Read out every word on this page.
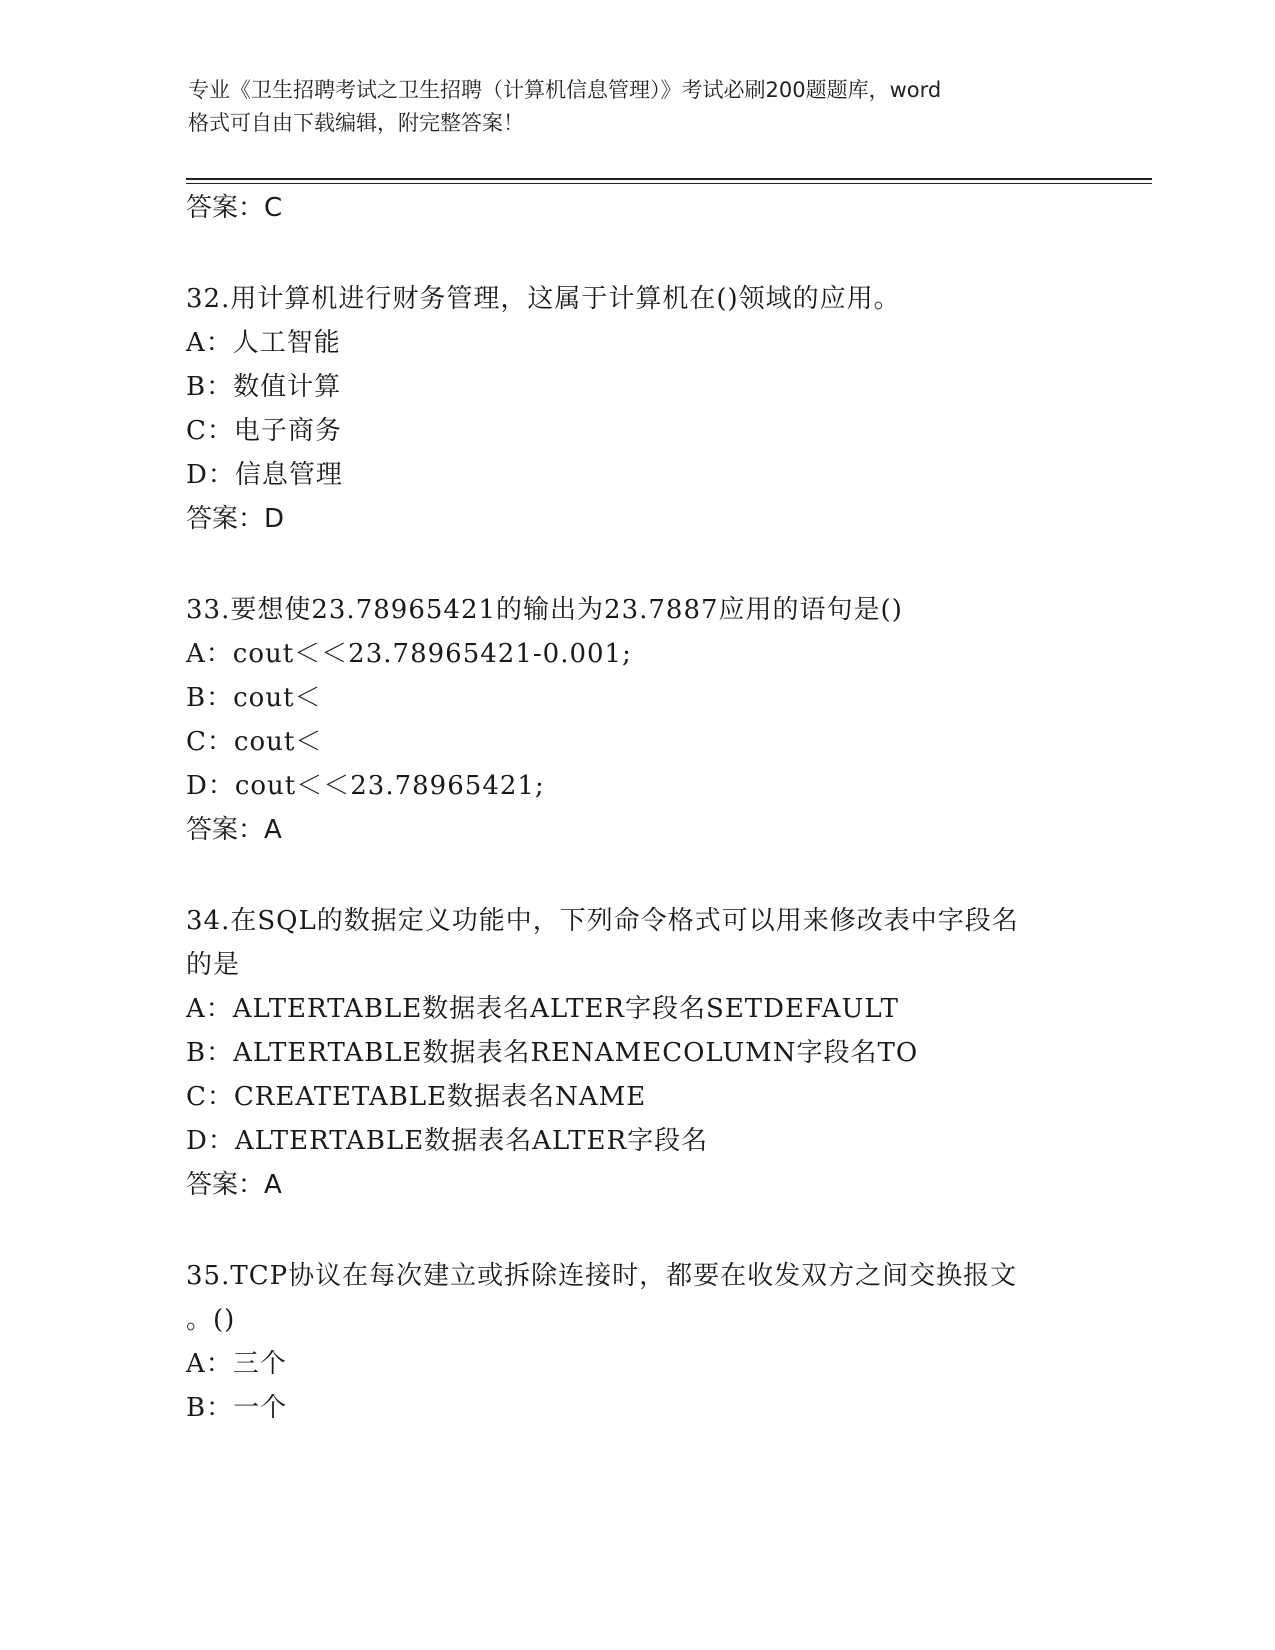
专业《卫生招聘考试之卫生招聘（计算机信息管理）》考试必刷200题题库，word
格式可自由下载编辑，附完整答案！
答案：C
32.用计算机进行财务管理，这属于计算机在()领域的应用。
A：人工智能
B：数值计算
C：电子商务
D：信息管理
答案：D
33.要想使23.78965421的输出为23.7887应用的语句是()
A：cout＜＜23.78965421-0.001;
B：cout＜
C：cout＜
D：cout＜＜23.78965421;
答案：A
34.在SQL的数据定义功能中，下列命令格式可以用来修改表中字段名
的是
A：ALTERTABLE数据表名ALTER字段名SETDEFAULT
B：ALTERTABLE数据表名RENAMECOLUMN字段名TO
C：CREATETABLE数据表名NAME
D：ALTERTABLE数据表名ALTER字段名
答案：A
35.TCP协议在每次建立或拆除连接时，都要在收发双方之间交换报文
。()
A：三个
B：一个
